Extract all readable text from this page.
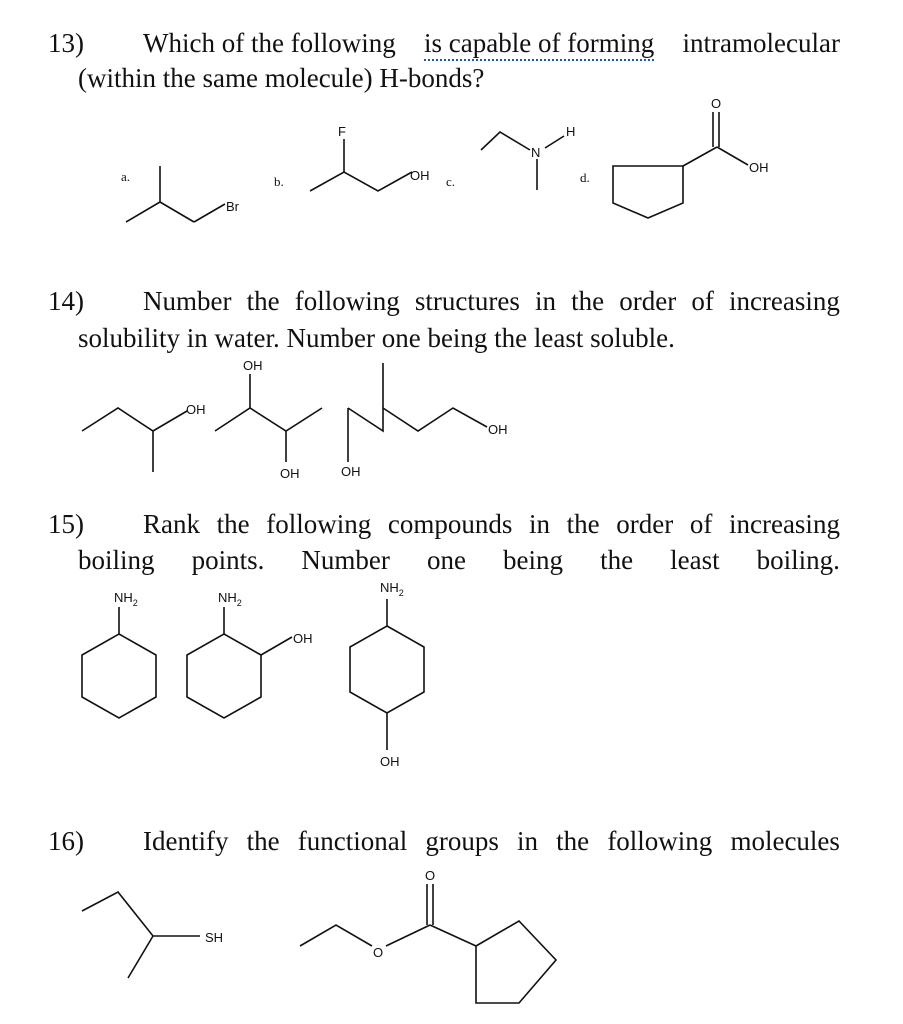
13) Which of the following is capable of forming intramolecular
(within the same molecule) H-bonds?
14) Number the following structures in the order of increasing
solubility in water. Number one being the least soluble.
15) Rank the following compounds in the order of increasing
boiling points. Number one being the least boiling.
16) Identify the functional groups in the following molecules
a.
Br
b.
F
OH c.
N
H
d.
O
OH
OH
OH
OH	OH
OH
$NH_2$	$NH_2$
OH
$NH_2$
OH
SH
O
O
